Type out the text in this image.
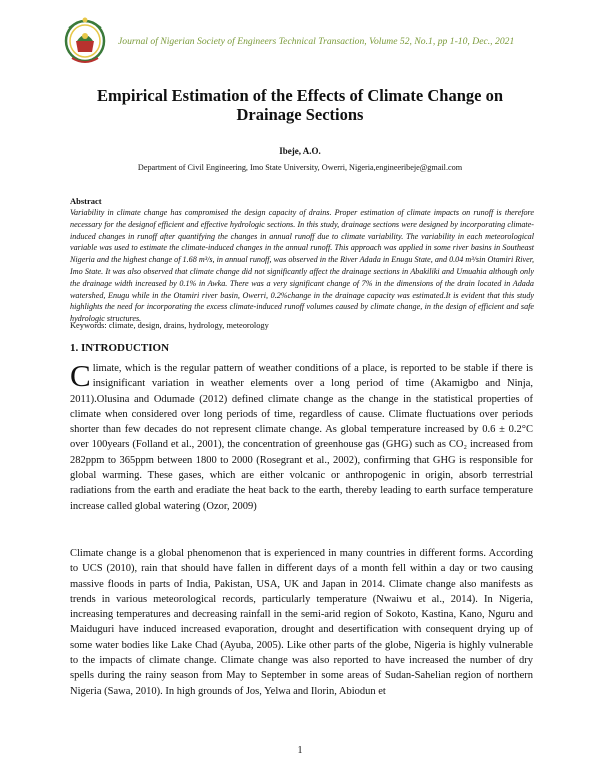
Journal of Nigerian Society of Engineers Technical Transaction, Volume 52, No.1, pp 1-10, Dec., 2021
Empirical Estimation of the Effects of Climate Change on Drainage Sections
Ibeje, A.O.
Department of Civil Engineering, Imo State University, Owerri, Nigeria,engineeribeje@gmail.com
Abstract
Variability in climate change has compromised the design capacity of drains. Proper estimation of climate impacts on runoff is therefore necessary for the designof efficient and effective hydrologic sections. In this study, drainage sections were designed by incorporating climate-induced changes in runoff after quantifying the changes in annual runoff due to climate variability. The variability in each meteorological variable was used to estimate the climate-induced changes in the annual runoff. This approach was applied in some river basins in Southeast Nigeria and the highest change of 1.68 m³/s, in annual runoff, was observed in the River Adada in Enugu State, and 0.04 m³/sin Otamiri River, Imo State. It was also observed that climate change did not significantly affect the drainage sections in Abakiliki and Umuahia although only the drainage width increased by 0.1% in Awka. There was a very significant change of 7% in the dimensions of the drain located in Adada watershed, Enugu while in the Otamiri river basin, Owerri, 0.2%change in the drainage capacity was estimated.It is evident that this study highlights the need for incorporating the excess climate-induced runoff volumes caused by climate change, in the design of efficient and safe hydrologic structures.
Keywords: climate, design, drains, hydrology, meteorology
1. INTRODUCTION
Climate, which is the regular pattern of weather conditions of a place, is reported to be stable if there is insignificant variation in weather elements over a long period of time (Akamigbo and Ninja, 2011).Olusina and Odumade (2012) defined climate change as the change in the statistical properties of climate when considered over long periods of time, regardless of cause. Climate fluctuations over periods shorter than few decades do not represent climate change. As global temperature increased by 0.6 ± 0.2°C over 100years (Folland et al., 2001), the concentration of greenhouse gas (GHG) such as CO₂ increased from 282ppm to 365ppm between 1800 to 2000 (Rosegrant et al., 2002), confirming that GHG is responsible for global warming. These gases, which are either volcanic or anthropogenic in origin, absorb terrestrial radiations from the earth and eradiate the heat back to the earth, thereby leading to earth surface temperature increase called global watering (Ozor, 2009)
Climate change is a global phenomenon that is experienced in many countries in different forms. According to UCS (2010), rain that should have fallen in different days of a month fell within a day or two causing massive floods in parts of India, Pakistan, USA, UK and Japan in 2014. Climate change also manifests as trends in various meteorological records, particularly temperature (Nwaiwu et al., 2014). In Nigeria, increasing temperatures and decreasing rainfall in the semi-arid region of Sokoto, Kastina, Kano, Nguru and Maiduguri have induced increased evaporation, drought and desertification with consequent drying up of some water bodies like Lake Chad (Ayuba, 2005). Like other parts of the globe, Nigeria is highly vulnerable to the impacts of climate change. Climate change was also reported to have increased the number of dry spells during the rainy season from May to September in some areas of Sudan-Sahelian region of northern Nigeria (Sawa, 2010). In high grounds of Jos, Yelwa and Ilorin, Abiodun et
1
